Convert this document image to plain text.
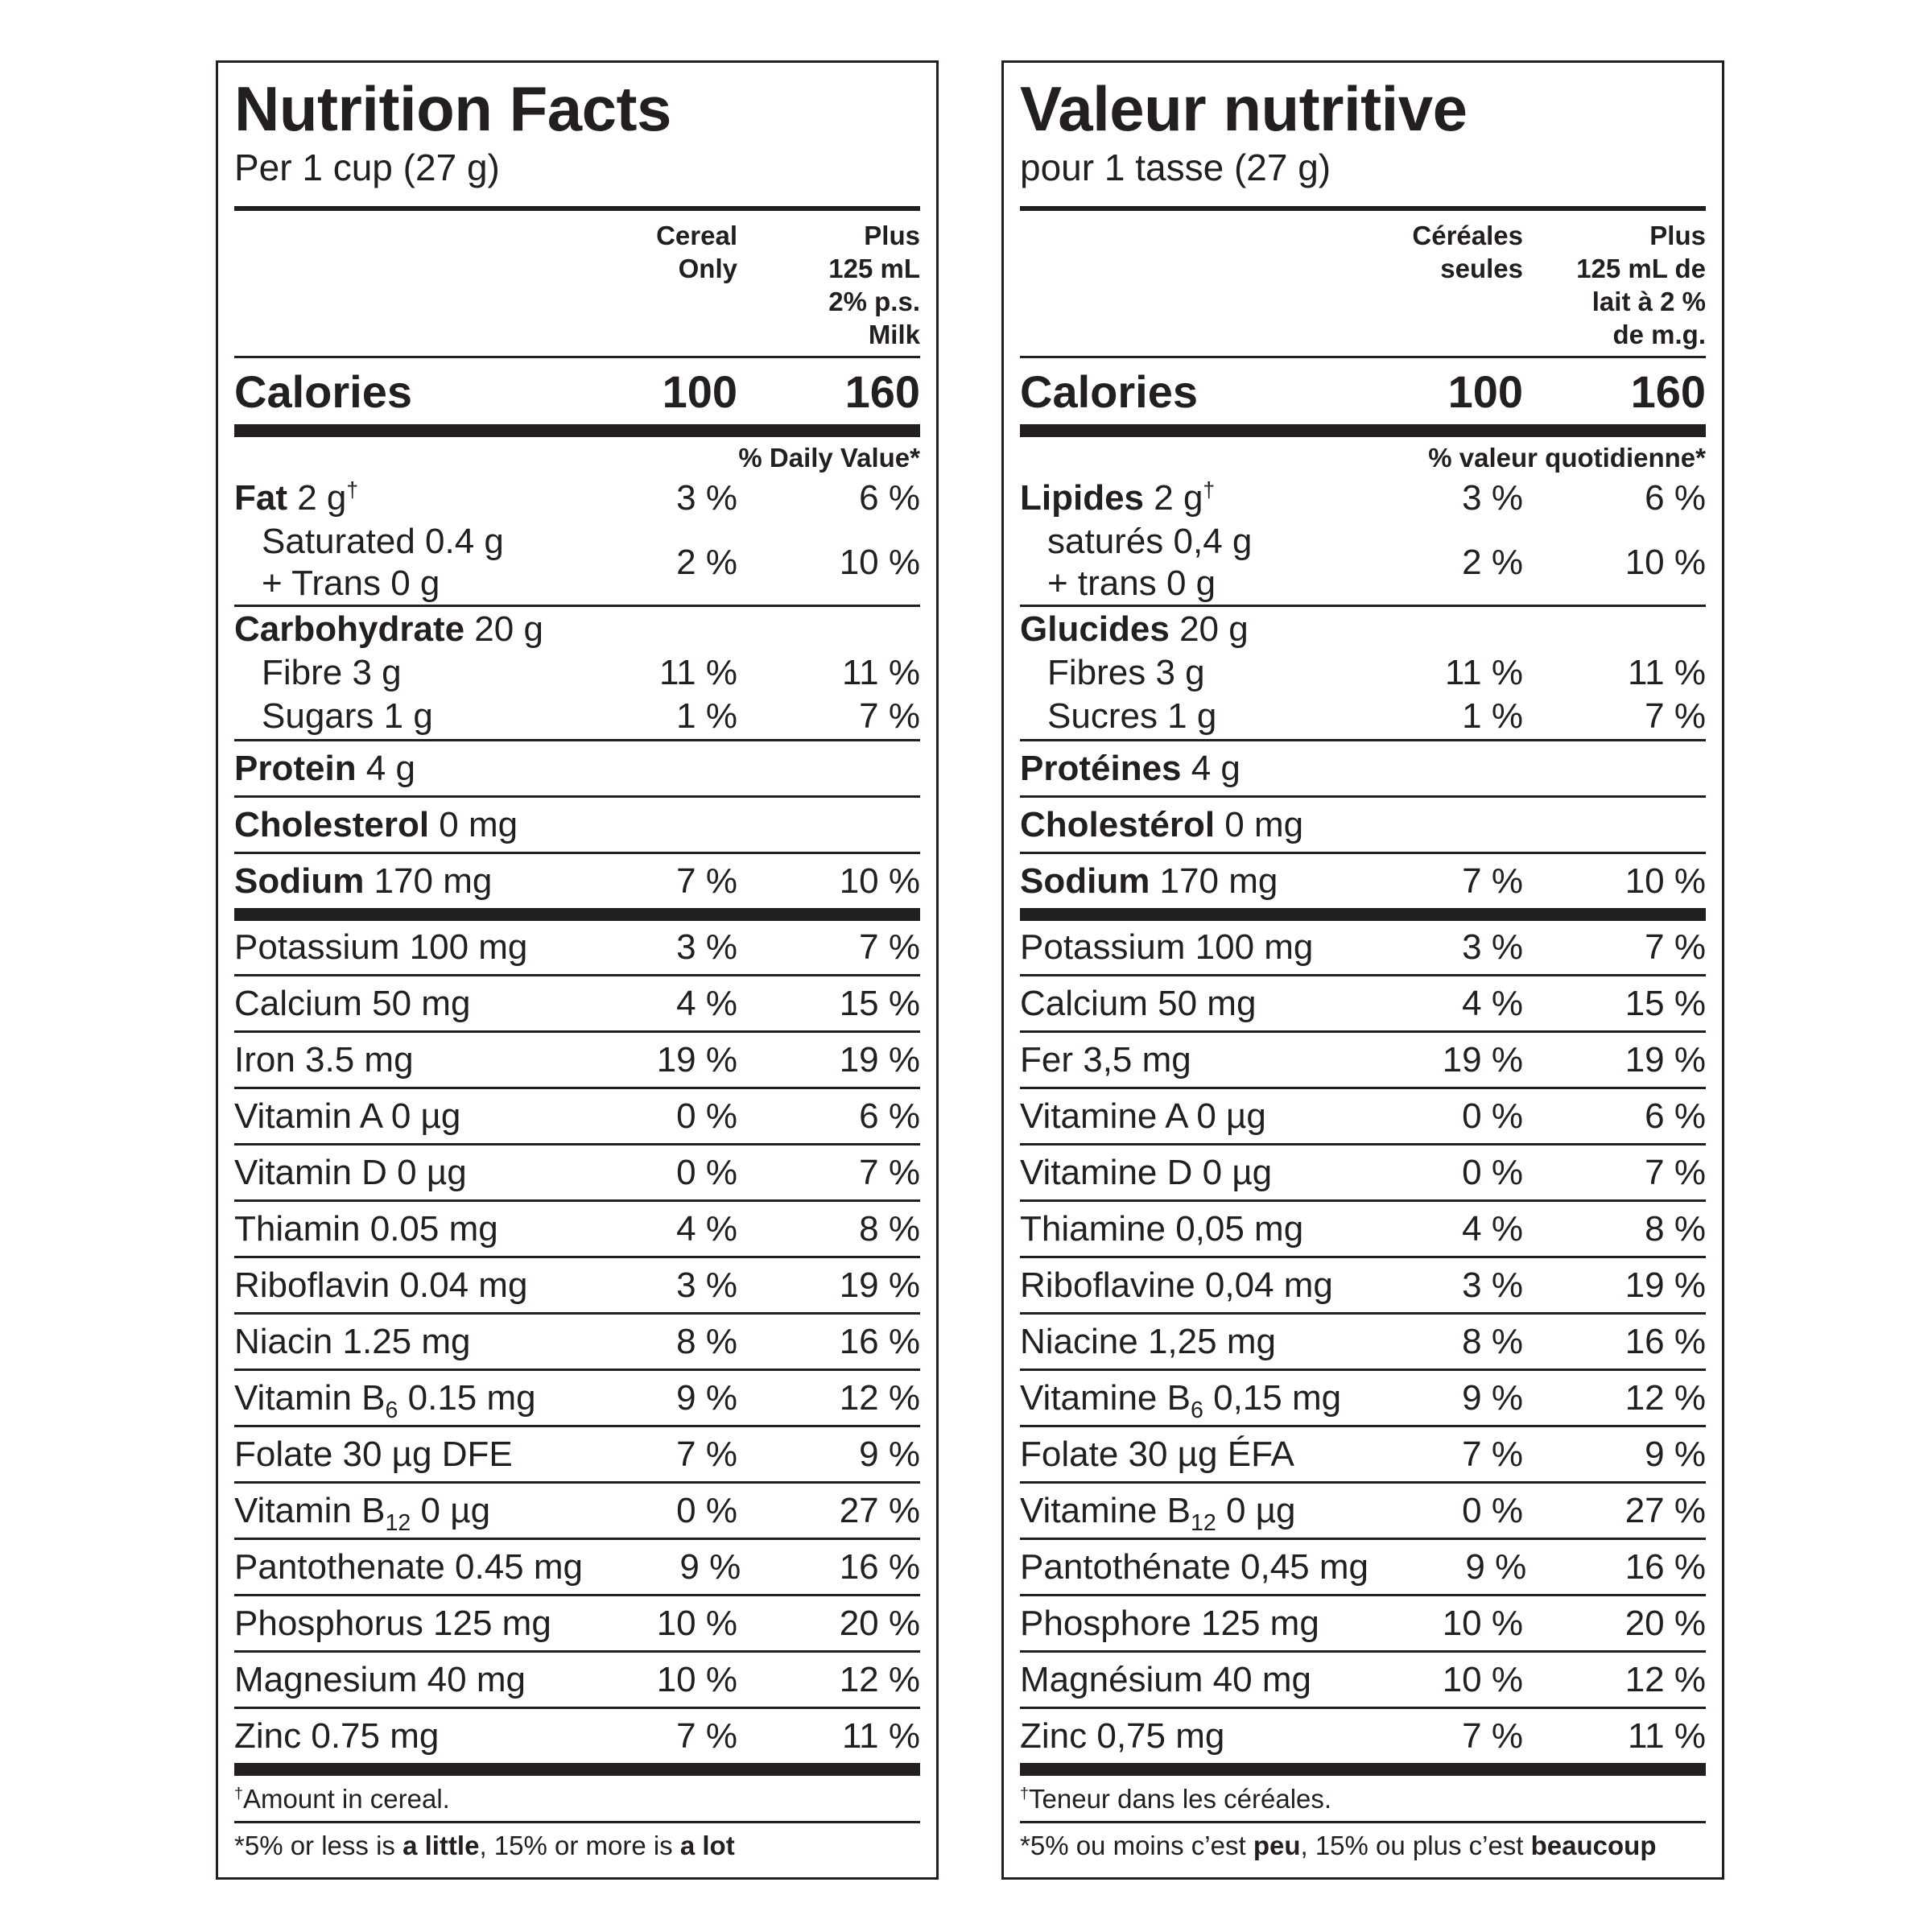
Nutrition Facts
Per 1 cup (27 g)
Cereal
Only
Plus
125 mL
2% p.s.
Milk
Calories	100	160
% Daily Value*
Fat 2 g†	3 %	6 %
Saturated 0.4 g
+ Trans 0 g
2 %	10 %
Carbohydrate 20 g
Fibre 3 g	11 %	11 %
Sugars 1 g	1 %	7 %
Protein 4 g
Cholesterol 0 mg
Sodium 170 mg	7 %	10 %
Potassium 100 mg	3 %	7 %
Calcium 50 mg	4 %	15 %
Iron 3.5 mg	19 %	19 %
Vitamin A 0 µg	0 %	6 %
Vitamin D 0 µg	0 %	7 %
Thiamin 0.05 mg	4 %	8 %
Riboflavin 0.04 mg	3 %	19 %
Niacin 1.25 mg	8 %	16 %
Vitamin $B_6$ 0.15 mg	9 %	12 %
Folate 30 µg DFE	7 %	9 %
Vitamin $B_{12}$ 0 µg	0 %	27 %
Pantothenate 0.45 mg	9 %	16 %
Phosphorus 125 mg	10 %	20 %
Magnesium 40 mg	10 %	12 %
Zinc 0.75 mg	7 %	11 %
†Amount in cereal.
*5% or less is a little, 15% or more is a lot
Valeur nutritive
pour 1 tasse (27 g)
Céréales
seules
Plus
125 mL de
lait à 2 %
de m.g.
Calories	100	160
% valeur quotidienne*
Lipides 2 g†	3 %	6 %
saturés 0,4 g
+ trans 0 g
2 %	10 %
Glucides 20 g
Fibres 3 g	11 %	11 %
Sucres 1 g	1 %	7 %
Protéines 4 g
Cholestérol 0 mg
Sodium 170 mg	7 %	10 %
Potassium 100 mg	3 %	7 %
Calcium 50 mg	4 %	15 %
Fer 3,5 mg	19 %	19 %
Vitamine A 0 µg	0 %	6 %
Vitamine D 0 µg	0 %	7 %
Thiamine 0,05 mg	4 %	8 %
Riboflavine 0,04 mg	3 %	19 %
Niacine 1,25 mg	8 %	16 %
Vitamine $B_6$ 0,15 mg	9 %	12 %
Folate 30 µg ÉFA	7 %	9 %
Vitamine $B_{12}$ 0 µg	0 %	27 %
Pantothénate 0,45 mg	9 %	16 %
Phosphore 125 mg	10 %	20 %
Magnésium 40 mg	10 %	12 %
Zinc 0,75 mg	7 %	11 %
†Teneur dans les céréales.
*5% ou moins c’est peu, 15% ou plus c’est beaucoup
